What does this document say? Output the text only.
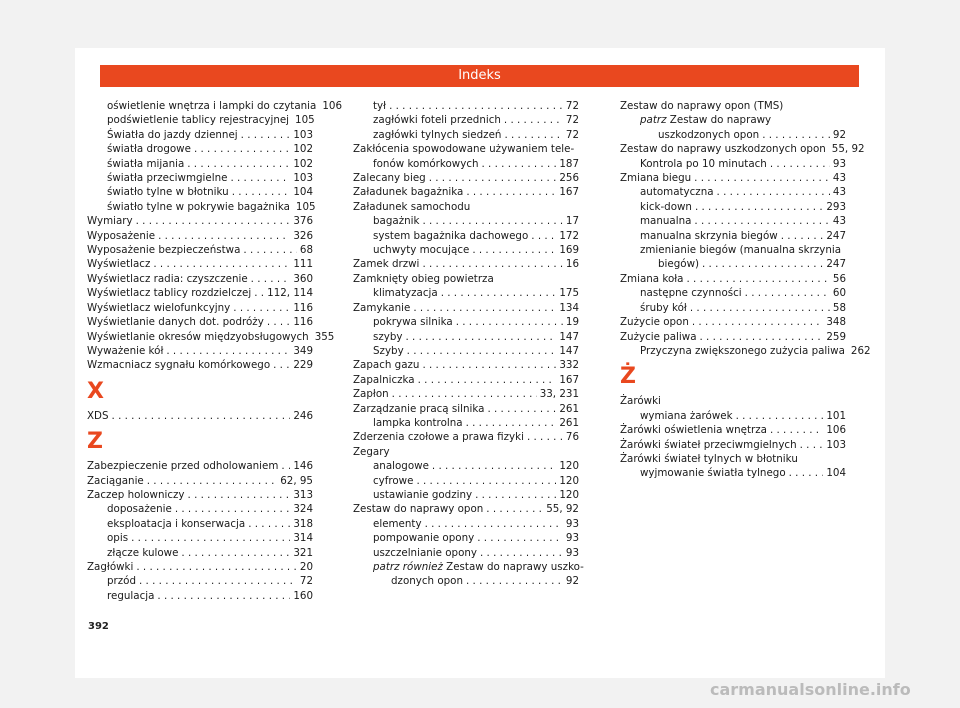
Indeks
oświetlenie wnętrza i lampki do czytania 106
podświetlenie tablicy rejestracyjnej 105
Światła do jazdy dziennej . . .	103
światła drogowe . . .	102
światła mijania . . .	102
światła przeciwmgielne . . .	103
światło tylne w błotniku . . .	104
światło tylne w pokrywie bagażnika 105
Wymiary . . .	376
Wyposażenie . . .	326
Wyposażenie bezpieczeństwa . . .	68
Wyświetlacz . . .	111
Wyświetlacz radia: czyszczenie . . .	360
Wyświetlacz tablicy rozdzielczej . . . 112, 114
Wyświetlacz wielofunkcyjny . . .	116
Wyświetlanie danych dot. podróży . . .	116
Wyświetlanie okresów międzyobsługowych 355
Wyważenie kół . . .	349
Wzmacniacz sygnału komórkowego . . . 229
X
XDS . . .	246
Z
Zabezpieczenie przed odholowaniem . . . 146
Zaciąganie . . .	62, 95
Zaczep holowniczy . . .	313
doposażenie . . .	324
eksploatacja i konserwacja . . .	318
opis . . .	314
złącze kulowe . . .	321
Zagłówki . . .	20
przód . . .	72
regulacja . . .	160
tył . . .	72
zagłówki foteli przednich . . .	72
zagłówki tylnych siedzeń . . .	72
Zakłócenia spowodowane używaniem tele-
fonów komórkowych . . .	187
Zalecany bieg . . .	256
Załadunek bagażnika . . .	167
Załadunek samochodu
bagażnik . . .	17
system bagażnika dachowego . . .	172
uchwyty mocujące . . .	169
Zamek drzwi . . .	16
Zamknięty obieg powietrza
klimatyzacja . . .	175
Zamykanie . . .	134
pokrywa silnika . . .	19
szyby . . .	147
Szyby . . .	147
Zapach gazu . . .	332
Zapalniczka . . .	167
Zapłon . . .	33, 231
Zarządzanie pracą silnika . . .	261
lampka kontrolna . . .	261
Zderzenia czołowe a prawa fizyki . . .	76
Zegary
analogowe . . .	120
cyfrowe . . .	120
ustawianie godziny . . .	120
Zestaw do naprawy opon . . .	55, 92
elementy . . .	93
pompowanie opony . . .	93
uszczelnianie opony . . .	93
patrz również Zestaw do naprawy uszko-
dzonych opon . . .	92
Zestaw do naprawy opon (TMS)
patrz Zestaw do naprawy
uszkodzonych opon . . .	92
Zestaw do naprawy uszkodzonych opon 55, 92
Kontrola po 10 minutach . . .	93
Zmiana biegu . . .	43
automatyczna . . .	43
kick-down . . .	293
manualna . . .	43
manualna skrzynia biegów . . .	247
zmienianie biegów (manualna skrzynia
biegów) . . .	247
Zmiana koła . . .	56
następne czynności . . .	60
śruby kół . . .	58
Zużycie opon . . .	348
Zużycie paliwa . . .	259
Przyczyna zwiększonego zużycia paliwa 262
Ż
Żarówki
wymiana żarówek . . .	101
Żarówki oświetlenia wnętrza . . .	106
Żarówki świateł przeciwmgielnych . . .	103
Żarówki świateł tylnych w błotniku
wyjmowanie światła tylnego . . .	104
392
carmanualsonline.info
